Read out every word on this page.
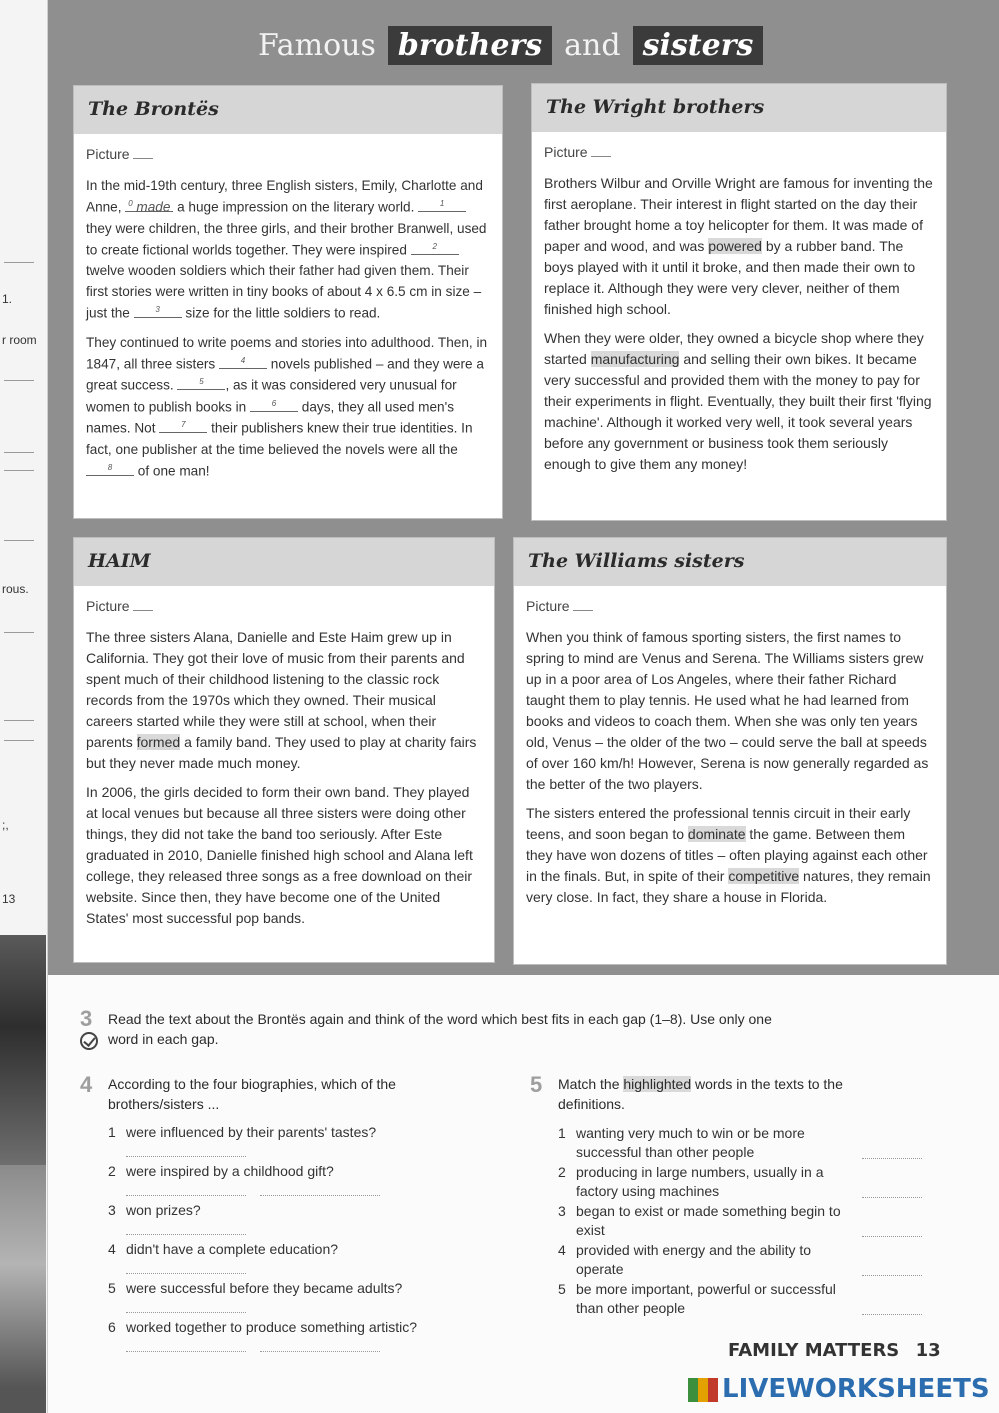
1.
r room
rous.
;,
13
Famous brothers and sisters
The Brontës
Picture

In the mid-19th century, three English sisters, Emily, Charlotte and Anne, $^0$ made a huge impression on the literary world.	$^1$ they were children, the three girls, and their brother Branwell, used to create fictional worlds together. They were inspired	$^2$ twelve wooden soldiers which their father had given them. Their first stories were written in tiny books of about 4 x 6.5 cm in size – just the	$^3$ size for the little soldiers to read.

They continued to write poems and stories into adulthood. Then, in 1847, all three sisters	$^4$ novels published – and they were a great success.	$^5$ , as it was considered very unusual for women to publish books in	$^6$ days, they all used men's names. Not	$^7$ their publishers knew their true identities. In fact, one publisher at the time believed the novels were all the $^8$ of one man!

The Wright brothers
Picture

Brothers Wilbur and Orville Wright are famous for inventing the first aeroplane. Their interest in flight started on the day their father brought home a toy helicopter for them. It was made of paper and wood, and was powered by a rubber band. The boys played with it until it broke, and then made their own to replace it. Although they were very clever, neither of them finished high school.

When they were older, they owned a bicycle shop where they started manufacturing and selling their own bikes. It became very successful and provided them with the money to pay for their experiments in flight. Eventually, they built their first 'flying machine'. Although it worked very well, it took several years before any government or business took them seriously enough to give them any money!

HAIM
Picture

The three sisters Alana, Danielle and Este Haim grew up in California. They got their love of music from their parents and spent much of their childhood listening to the classic rock records from the 1970s which they owned. Their musical careers started while they were still at school, when their parents formed a family band. They used to play at charity fairs but they never made much money.

In 2006, the girls decided to form their own band. They played at local venues but because all three sisters were doing other things, they did not take the band too seriously. After Este graduated in 2010, Danielle finished high school and Alana left college, they released three songs as a free download on their website. Since then, they have become one of the United States' most successful pop bands.

The Williams sisters
Picture

When you think of famous sporting sisters, the first names to spring to mind are Venus and Serena. The Williams sisters grew up in a poor area of Los Angeles, where their father Richard taught them to play tennis. He used what he had learned from books and videos to coach them. When she was only ten years old, Venus – the older of the two – could serve the ball at speeds of over 160 km/h! However, Serena is now generally regarded as the better of the two players.

The sisters entered the professional tennis circuit in their early teens, and soon began to dominate the game. Between them they have won dozens of titles – often playing against each other in the finals. But, in spite of their competitive natures, they remain very close. In fact, they share a house in Florida.

3 Read the text about the Brontës again and think of the word which best fits in each gap (1–8). Use only one
word in each gap.
4 According to the four biographies, which of the
brothers/sisters ...
1 were influenced by their parents' tastes?
2 were inspired by a childhood gift?
3 won prizes?
4 didn't have a complete education?
5 were successful before they became adults?
6 worked together to produce something artistic?
5 Match the highlighted words in the texts to the
definitions.
1 wanting very much to win or be more successful than other people
2 producing in large numbers, usually in a factory using machines
3 began to exist or made something begin to exist
4 provided with energy and the ability to operate
5 be more important, powerful or successful than other people
FAMILY MATTERS 13
LIVEWORKSHEETS
